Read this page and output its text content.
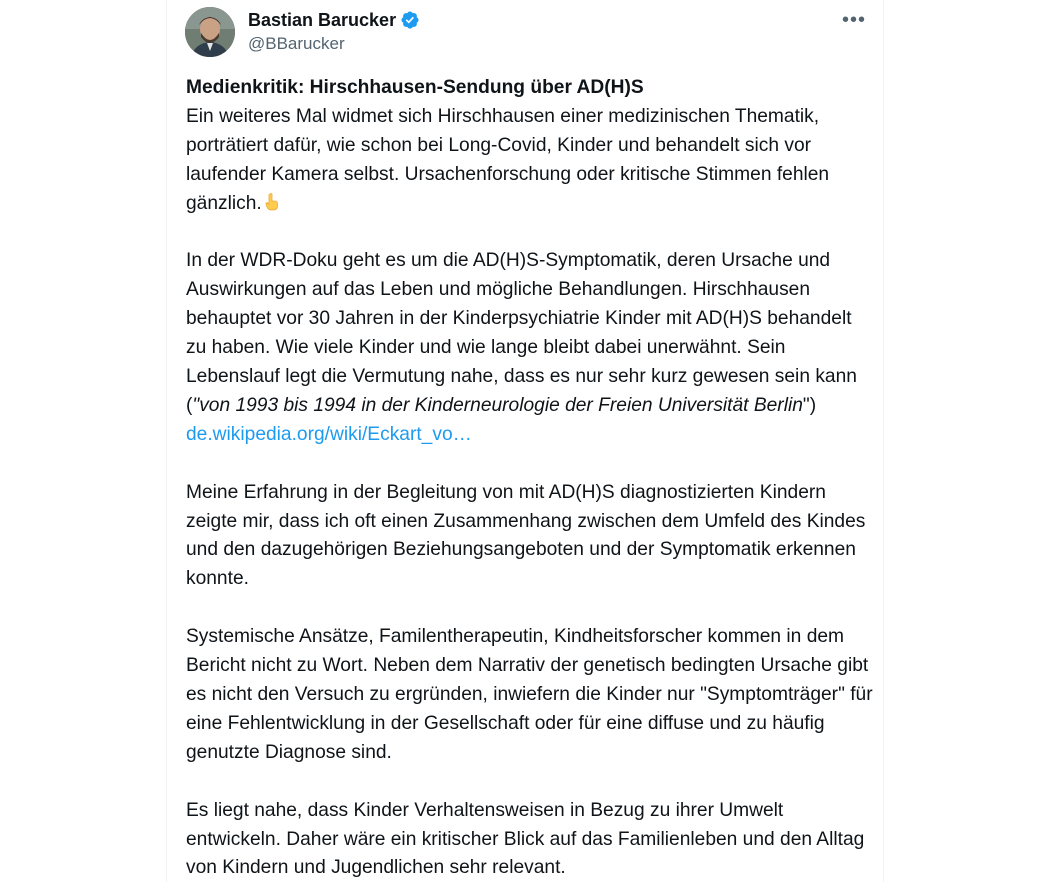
Bastian Barucker
@BBarucker
•••

Medienkritik: Hirschhausen-Sendung über AD(H)S
Ein weiteres Mal widmet sich Hirschhausen einer medizinischen Thematik, porträtiert dafür, wie schon bei Long-Covid, Kinder und behandelt sich vor laufender Kamera selbst. Ursachenforschung oder kritische Stimmen fehlen gänzlich.

In der WDR-Doku geht es um die AD(H)S-Symptomatik, deren Ursache und Auswirkungen auf das Leben und mögliche Behandlungen. Hirschhausen behauptet vor 30 Jahren in der Kinderpsychiatrie Kinder mit AD(H)S behandelt zu haben. Wie viele Kinder und wie lange bleibt dabei unerwähnt. Sein Lebenslauf legt die Vermutung nahe, dass es nur sehr kurz gewesen sein kann ("von 1993 bis 1994 in der Kinderneurologie der Freien Universität Berlin") de.wikipedia.org/wiki/Eckart_vo…

Meine Erfahrung in der Begleitung von mit AD(H)S diagnostizierten Kindern zeigte mir, dass ich oft einen Zusammenhang zwischen dem Umfeld des Kindes und den dazugehörigen Beziehungsangeboten und der Symptomatik erkennen konnte.

Systemische Ansätze, Familentherapeutin, Kindheitsforscher kommen in dem Bericht nicht zu Wort. Neben dem Narrativ der genetisch bedingten Ursache gibt es nicht den Versuch zu ergründen, inwiefern die Kinder nur "Symptomträger" für eine Fehlentwicklung in der Gesellschaft oder für eine diffuse und zu häufig genutzte Diagnose sind.

Es liegt nahe, dass Kinder Verhaltensweisen in Bezug zu ihrer Umwelt entwickeln. Daher wäre ein kritischer Blick auf das Familienleben und den Alltag von Kindern und Jugendlichen sehr relevant.
